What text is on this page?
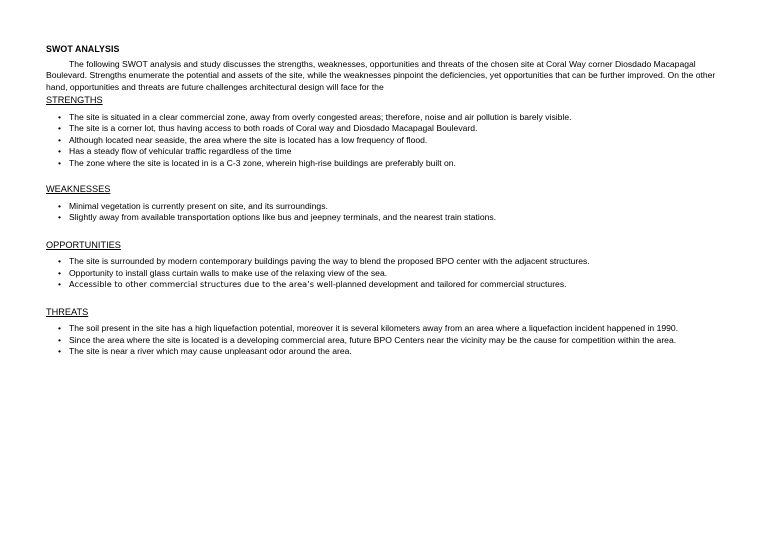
SWOT ANALYSIS

The following SWOT analysis and study discusses the strengths, weaknesses, opportunities and threats of the chosen site at Coral Way corner Diosdado Macapagal Boulevard. Strengths enumerate the potential and assets of the site, while the weaknesses pinpoint the deficiencies, yet opportunities that can be further improved. On the other hand, opportunities and threats are future challenges architectural design will face for the

STRENGTHS
• The site is situated in a clear commercial zone, away from overly congested areas; therefore, noise and air pollution is barely visible.
• The site is a corner lot, thus having access to both roads of Coral way and Diosdado Macapagal Boulevard.
• Although located near seaside, the area where the site is located has a low frequency of flood.
• Has a steady flow of vehicular traffic regardless of the time
• The zone where the site is located in is a C-3 zone, wherein high-rise buildings are preferably built on.
WEAKNESSES
• Minimal vegetation is currently present on site, and its surroundings.
• Slightly away from available transportation options like bus and jeepney terminals, and the nearest train stations.
OPPORTUNITIES
• The site is surrounded by modern contemporary buildings paving the way to blend the proposed BPO center with the adjacent structures.
• Opportunity to install glass curtain walls to make use of the relaxing view of the sea.
• Accessible to other commercial structures due to the area’s well-planned development and tailored for commercial structures.
THREATS
• The soil present in the site has a high liquefaction potential, moreover it is several kilometers away from an area where a liquefaction incident happened in 1990.
• Since the area where the site is located is a developing commercial area, future BPO Centers near the vicinity may be the cause for competition within the area.
• The site is near a river which may cause unpleasant odor around the area.
